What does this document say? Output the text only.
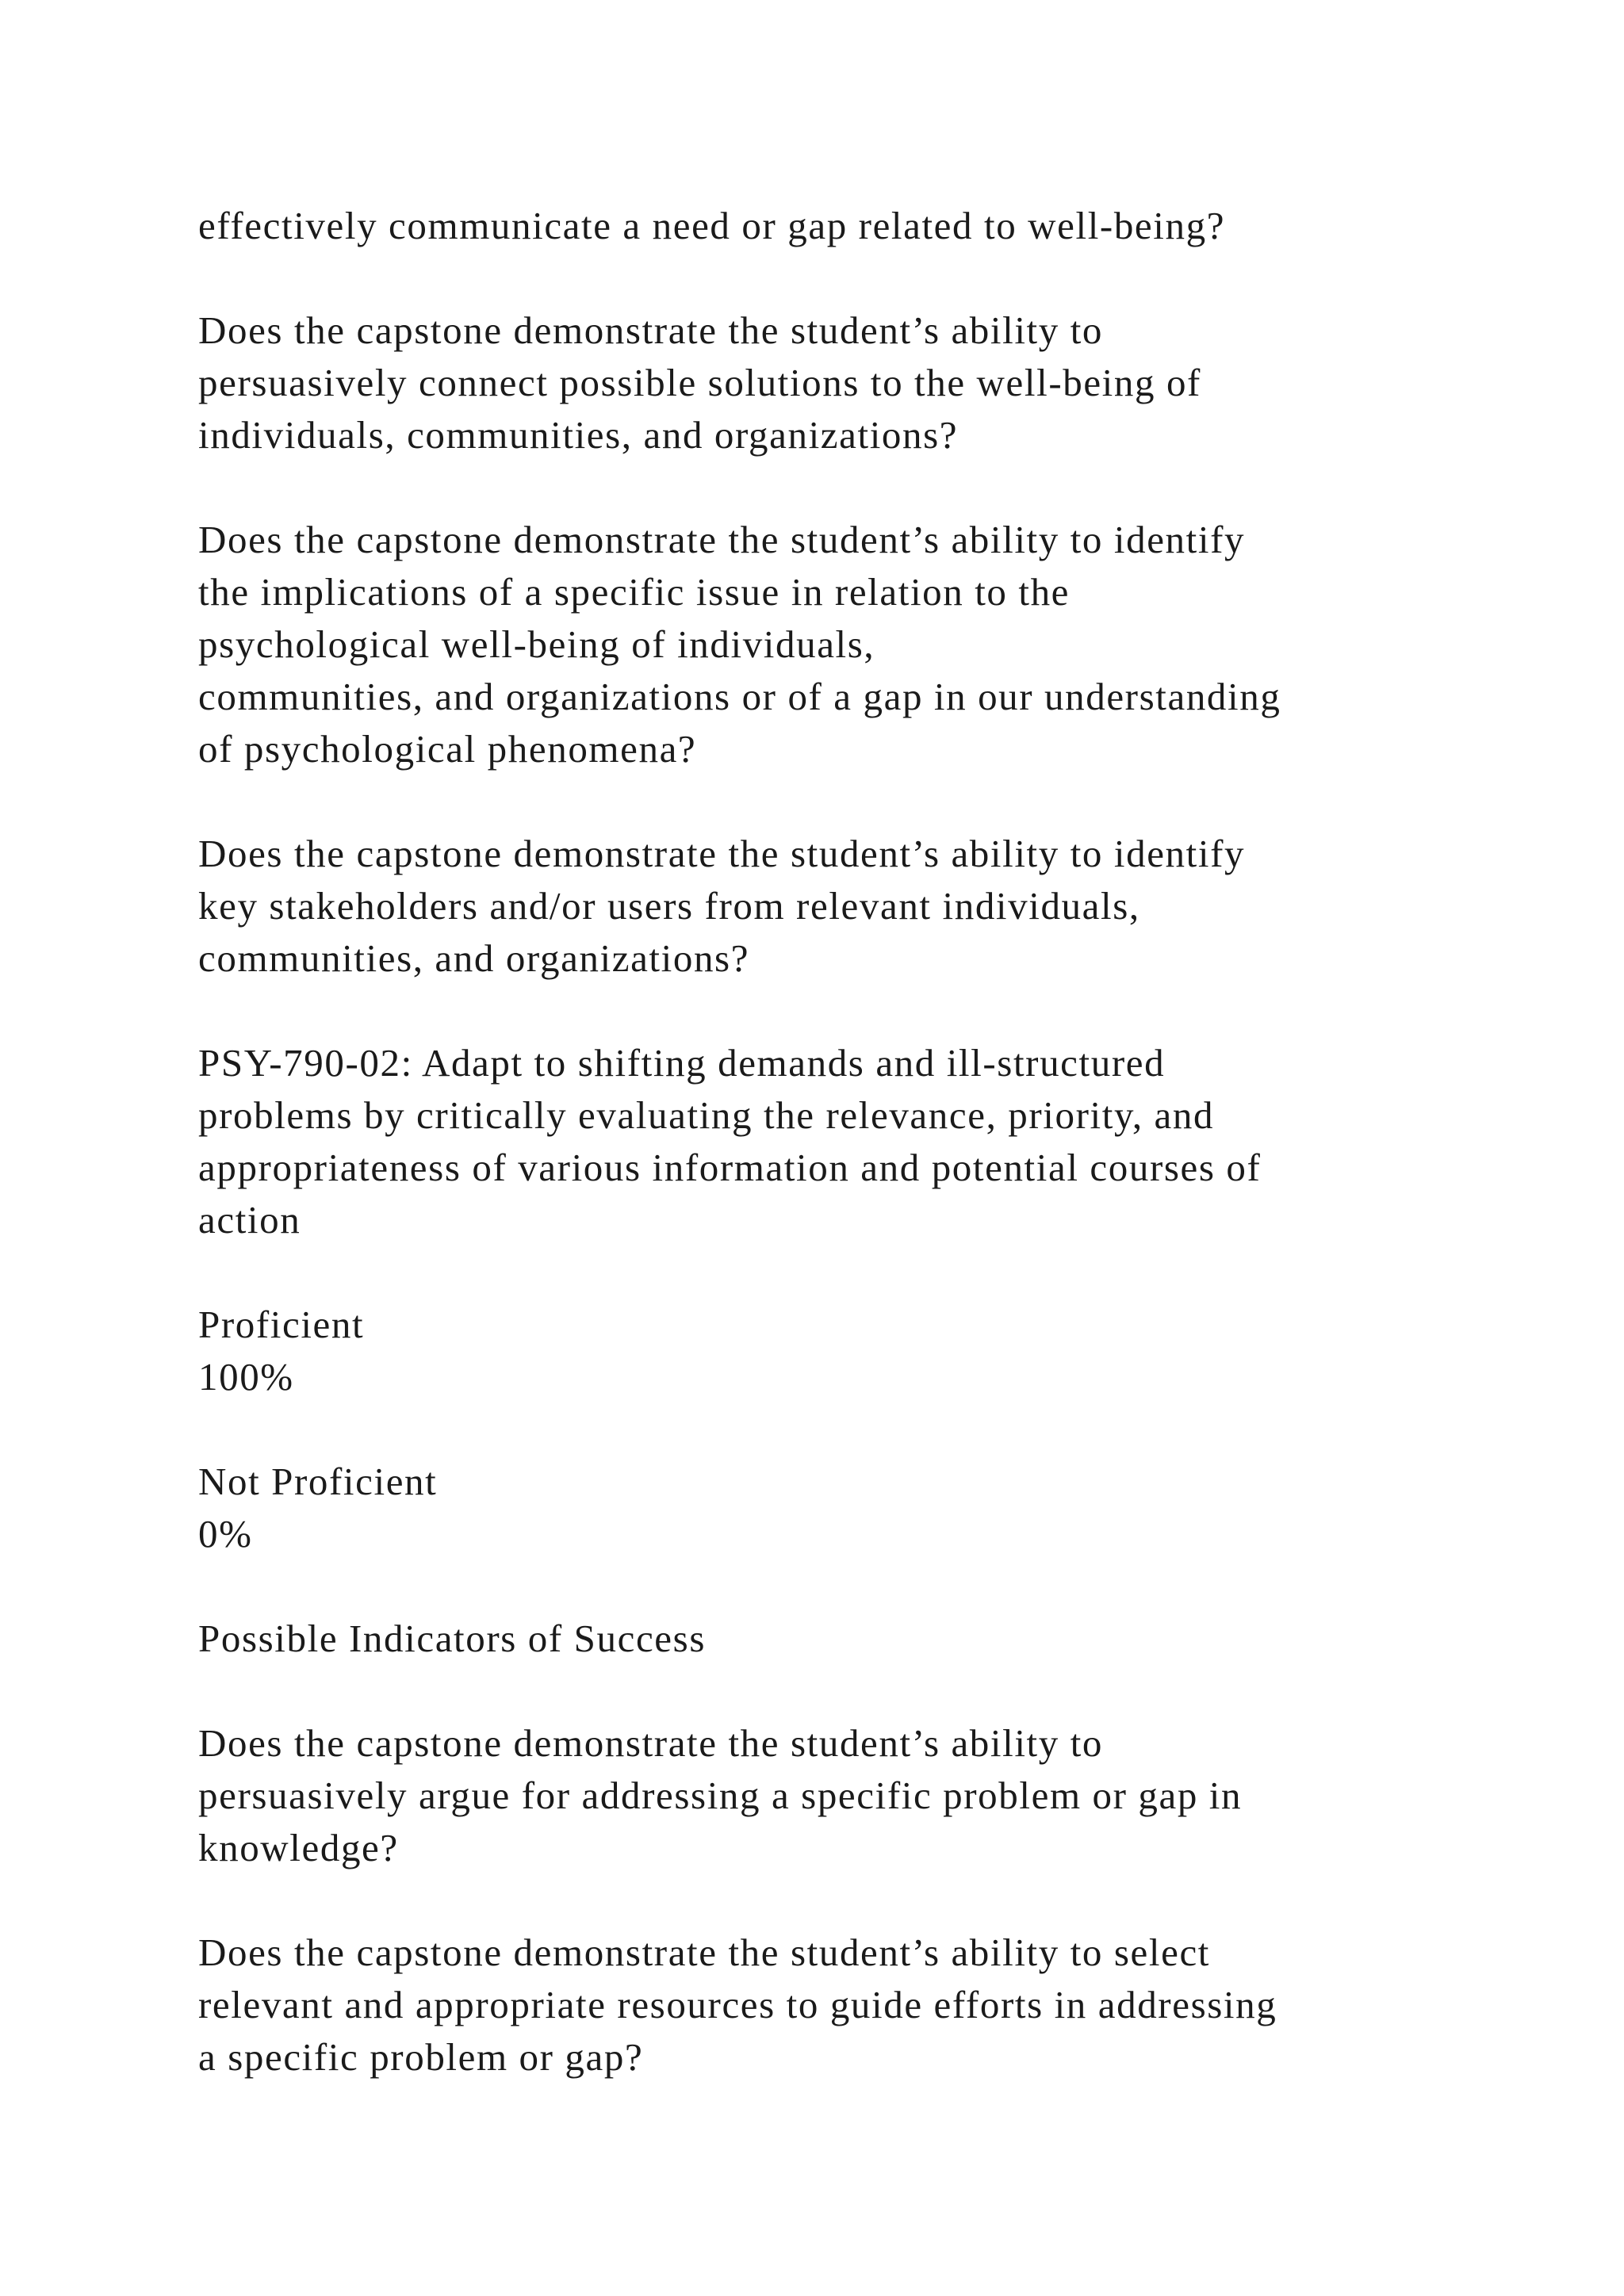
effectively communicate a need or gap related to well-being?

Does the capstone demonstrate the student’s ability to
persuasively connect possible solutions to the well-being of
individuals, communities, and organizations?

Does the capstone demonstrate the student’s ability to identify
the implications of a specific issue in relation to the
psychological well-being of individuals,
communities, and organizations or of a gap in our understanding
of psychological phenomena?

Does the capstone demonstrate the student’s ability to identify
key stakeholders and/or users from relevant individuals,
communities, and organizations?

PSY-790-02: Adapt to shifting demands and ill-structured
problems by critically evaluating the relevance, priority, and
appropriateness of various information and potential courses of
action

Proficient
100%

Not Proficient
0%

Possible Indicators of Success

Does the capstone demonstrate the student’s ability to
persuasively argue for addressing a specific problem or gap in
knowledge?

Does the capstone demonstrate the student’s ability to select
relevant and appropriate resources to guide efforts in addressing
a specific problem or gap?
